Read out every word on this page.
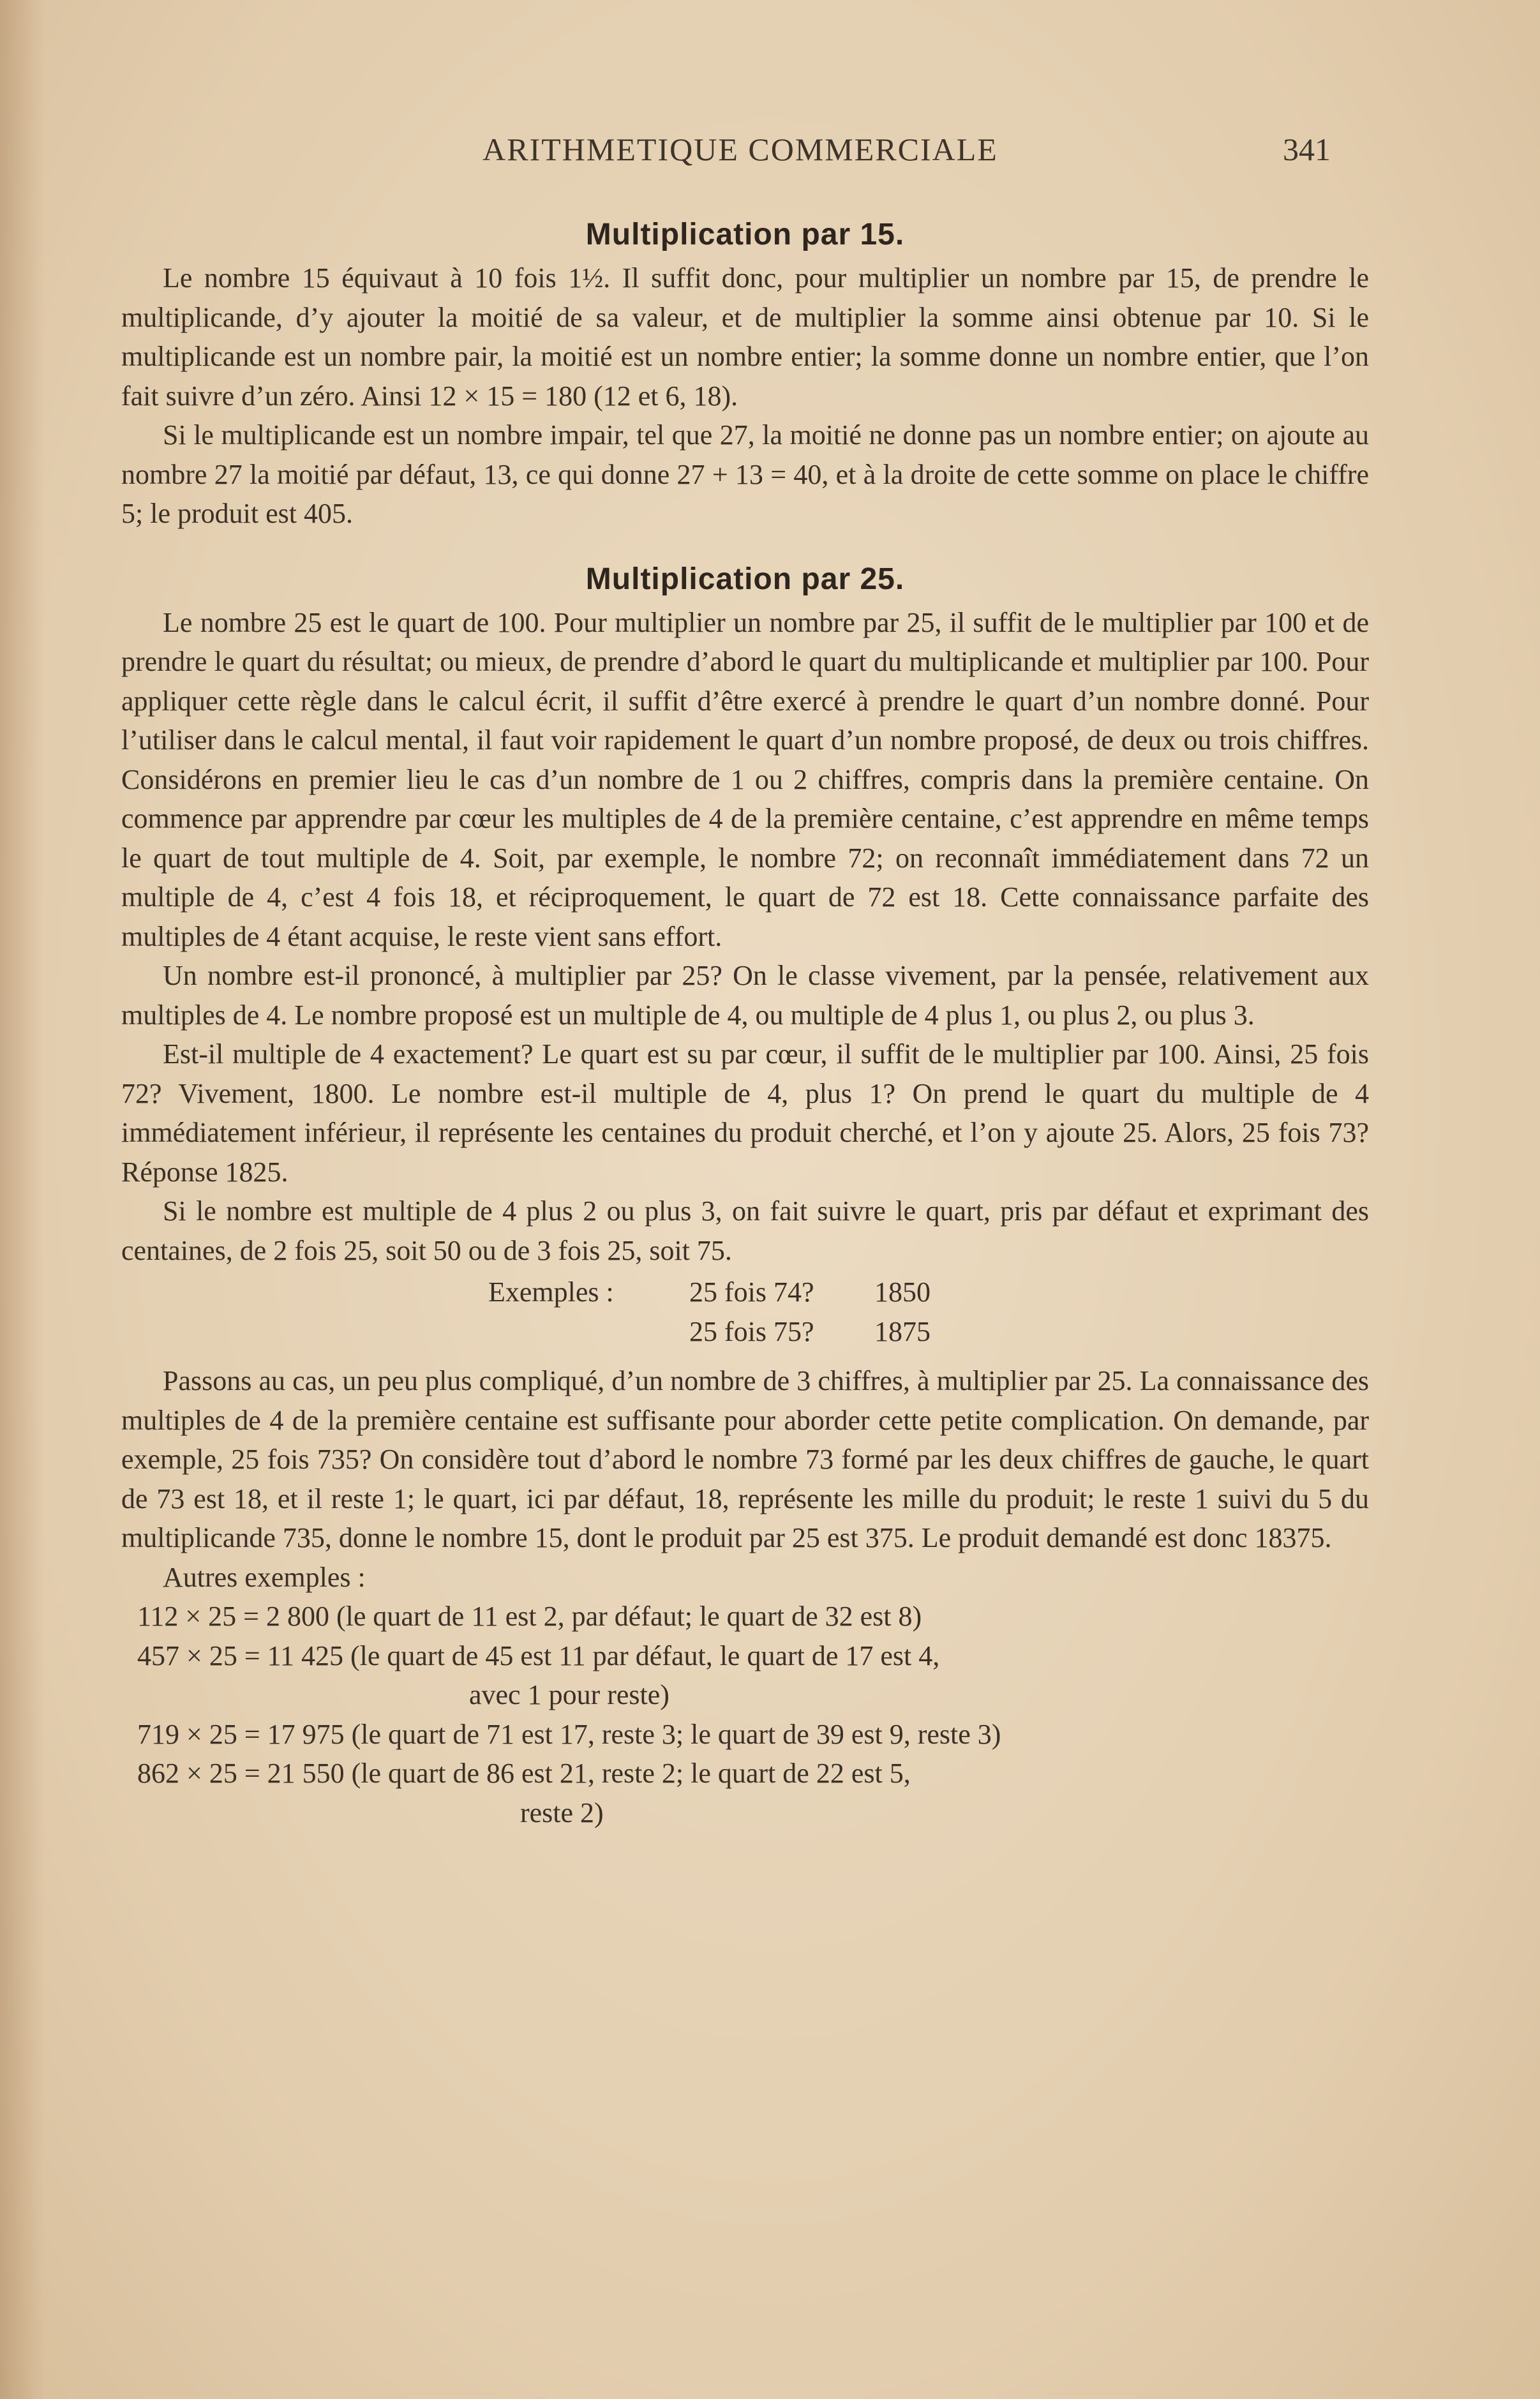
ARITHMETIQUE COMMERCIALE	341
Multiplication par 15.

Le nombre 15 équivaut à 10 fois 1½. Il suffit donc, pour multiplier un nombre par 15, de prendre le multiplicande, d’y ajouter la moitié de sa valeur, et de multiplier la somme ainsi obtenue par 10. Si le multiplicande est un nombre pair, la moitié est un nombre entier; la somme donne un nombre entier, que l’on fait suivre d’un zéro. Ainsi 12 × 15 = 180 (12 et 6, 18).

Si le multiplicande est un nombre impair, tel que 27, la moitié ne donne pas un nombre entier; on ajoute au nombre 27 la moitié par défaut, 13, ce qui donne 27 + 13 = 40, et à la droite de cette somme on place le chiffre 5; le produit est 405.

Multiplication par 25.

Le nombre 25 est le quart de 100. Pour multiplier un nombre par 25, il suffit de le multiplier par 100 et de prendre le quart du résultat; ou mieux, de prendre d’abord le quart du multiplicande et multiplier par 100. Pour appliquer cette règle dans le calcul écrit, il suffit d’être exercé à prendre le quart d’un nombre donné. Pour l’utiliser dans le calcul mental, il faut voir rapidement le quart d’un nombre proposé, de deux ou trois chiffres. Considérons en premier lieu le cas d’un nombre de 1 ou 2 chiffres, compris dans la première centaine. On commence par apprendre par cœur les multiples de 4 de la première centaine, c’est apprendre en même temps le quart de tout multiple de 4. Soit, par exemple, le nombre 72; on reconnaît immédiatement dans 72 un multiple de 4, c’est 4 fois 18, et réciproquement, le quart de 72 est 18. Cette connaissance parfaite des multiples de 4 étant acquise, le reste vient sans effort.

Un nombre est-il prononcé, à multiplier par 25? On le classe vivement, par la pensée, relativement aux multiples de 4. Le nombre proposé est un multiple de 4, ou multiple de 4 plus 1, ou plus 2, ou plus 3.

Est-il multiple de 4 exactement? Le quart est su par cœur, il suffit de le multiplier par 100. Ainsi, 25 fois 72? Vivement, 1800. Le nombre est-il multiple de 4, plus 1? On prend le quart du multiple de 4 immédiatement inférieur, il représente les centaines du produit cherché, et l’on y ajoute 25. Alors, 25 fois 73? Réponse 1825.

Si le nombre est multiple de 4 plus 2 ou plus 3, on fait suivre le quart, pris par défaut et exprimant des centaines, de 2 fois 25, soit 50 ou de 3 fois 25, soit 75.

Exemples :	25 fois 74? 1850
25 fois 75? 1875

Passons au cas, un peu plus compliqué, d’un nombre de 3 chiffres, à multiplier par 25. La connaissance des multiples de 4 de la première centaine est suffisante pour aborder cette petite complication. On demande, par exemple, 25 fois 735? On considère tout d’abord le nombre 73 formé par les deux chiffres de gauche, le quart de 73 est 18, et il reste 1; le quart, ici par défaut, 18, représente les mille du produit; le reste 1 suivi du 5 du multiplicande 735, donne le nombre 15, dont le produit par 25 est 375. Le produit demandé est donc 18375.

Autres exemples :

112 × 25 = 2 800 (le quart de 11 est 2, par défaut; le quart de 32 est 8)
457 × 25 = 11 425 (le quart de 45 est 11 par défaut, le quart de 17 est 4,
avec 1 pour reste)
719 × 25 = 17 975 (le quart de 71 est 17, reste 3; le quart de 39 est 9, reste 3)
862 × 25 = 21 550 (le quart de 86 est 21, reste 2; le quart de 22 est 5,
reste 2)
